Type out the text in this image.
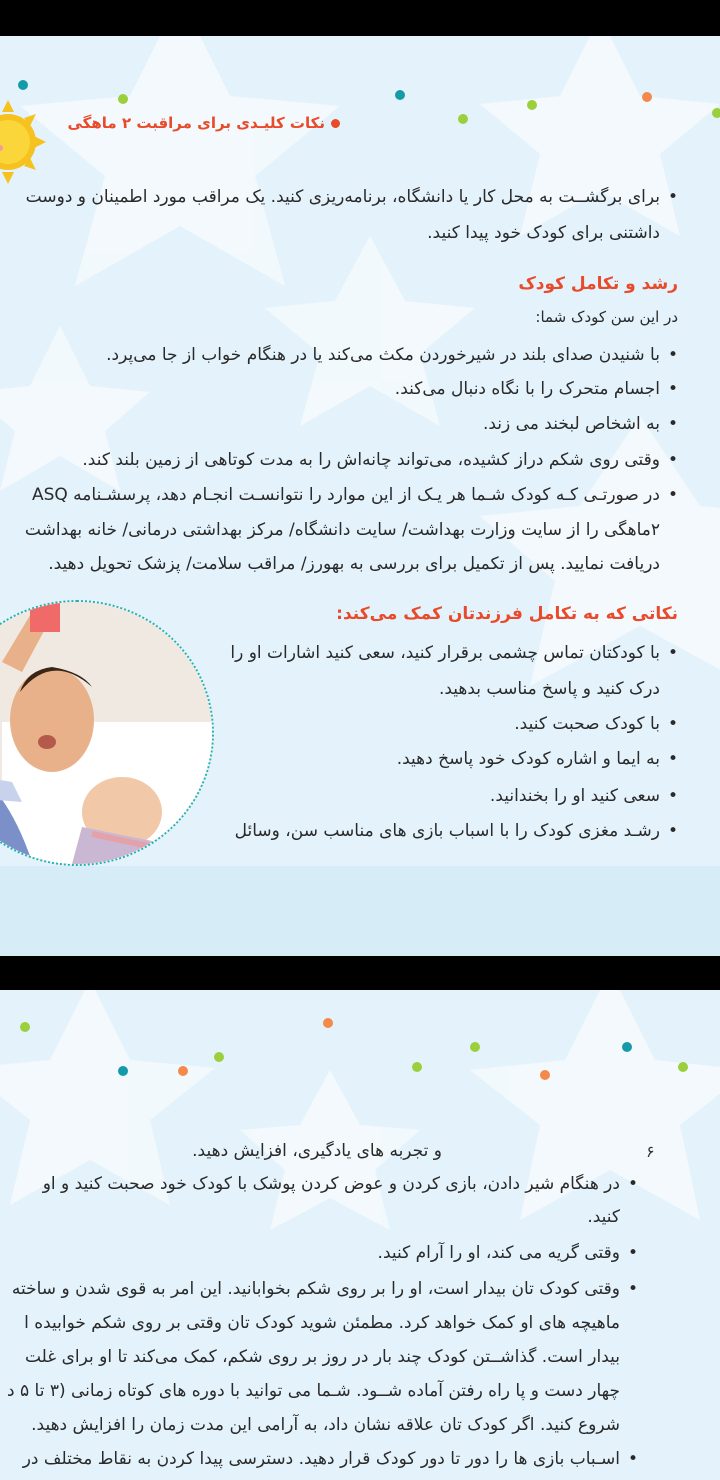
نکات کلیـدی برای مراقبت ۲ ماهگی
• برای برگشــت به محل کار یا دانشگاه، برنامه‌ریزی کنید. یک مراقب مورد اطمینان و دوست
داشتنی برای کودک خود پیدا کنید.
رشد و تکامل کودک
در این سن کودک شما:
• با شنیدن صدای بلند در شیرخوردن مکث می‌کند یا در هنگام خواب از جا می‌پرد.
• اجسام متحرک را با نگاه دنبال می‌کند.
• به اشخاص لبخند می زند.
• وقتی روی شکم دراز کشیده، می‌تواند چانه‌اش را به مدت کوتاهی از زمین بلند کند.
• در صورتـی کـه کودک شـما هر یـک از این موارد را نتوانسـت انجـام دهد، پرسشـنامه ASQ
۲ماهگی را از سایت وزارت بهداشت/ سایت دانشگاه/ مرکز بهداشتی درمانی/ خانه بهداشت
دریافت نمایید. پس از تکمیل برای بررسی به بهورز/ مراقب سلامت/ پزشک تحویل دهید.
نکاتی که به تکامل فرزندتان کمک می‌کند:
• با کودکتان تماس چشمی برقرار کنید، سعی کنید اشارات او را
درک کنید و پاسخ مناسب بدهید.
• با کودک صحبت کنید.
• به ایما و اشاره کودک خود پاسخ دهید.
• سعی کنید او را بخندانید.
• رشـد مغزی کودک را با اسباب بازی های مناسب سن، وسائل
۶
و تجربه های یادگیری، افزایش دهید.
• در هنگام شیر دادن، بازی کردن و عوض کردن پوشک با کودک خود صحبت کنید و او
کنید.
• وقتی گریه می کند، او را آرام کنید.
• وقتی کودک تان بیدار است، او را بر روی شکم بخوابانید. این امر به قوی شدن و ساخته
ماهیچه های او کمک خواهد کرد. مطمئن شوید کودک تان وقتی بر روی شکم خوابیده ا
بیدار است. گذاشــتن کودک چند بار در روز بر روی شکم، کمک می‌کند تا او برای غلت
چهار دست و پا راه رفتن آماده شــود. شـما می توانید با دوره های کوتاه زمانی (۳ تا ۵ د
شروع کنید. اگر کودک تان علاقه نشان داد، به آرامی این مدت زمان را افزایش دهید.
• اسـباب بازی ها را دور تا دور کودک قرار دهید. دسترسی پیدا کردن به نقاط مختلف در
